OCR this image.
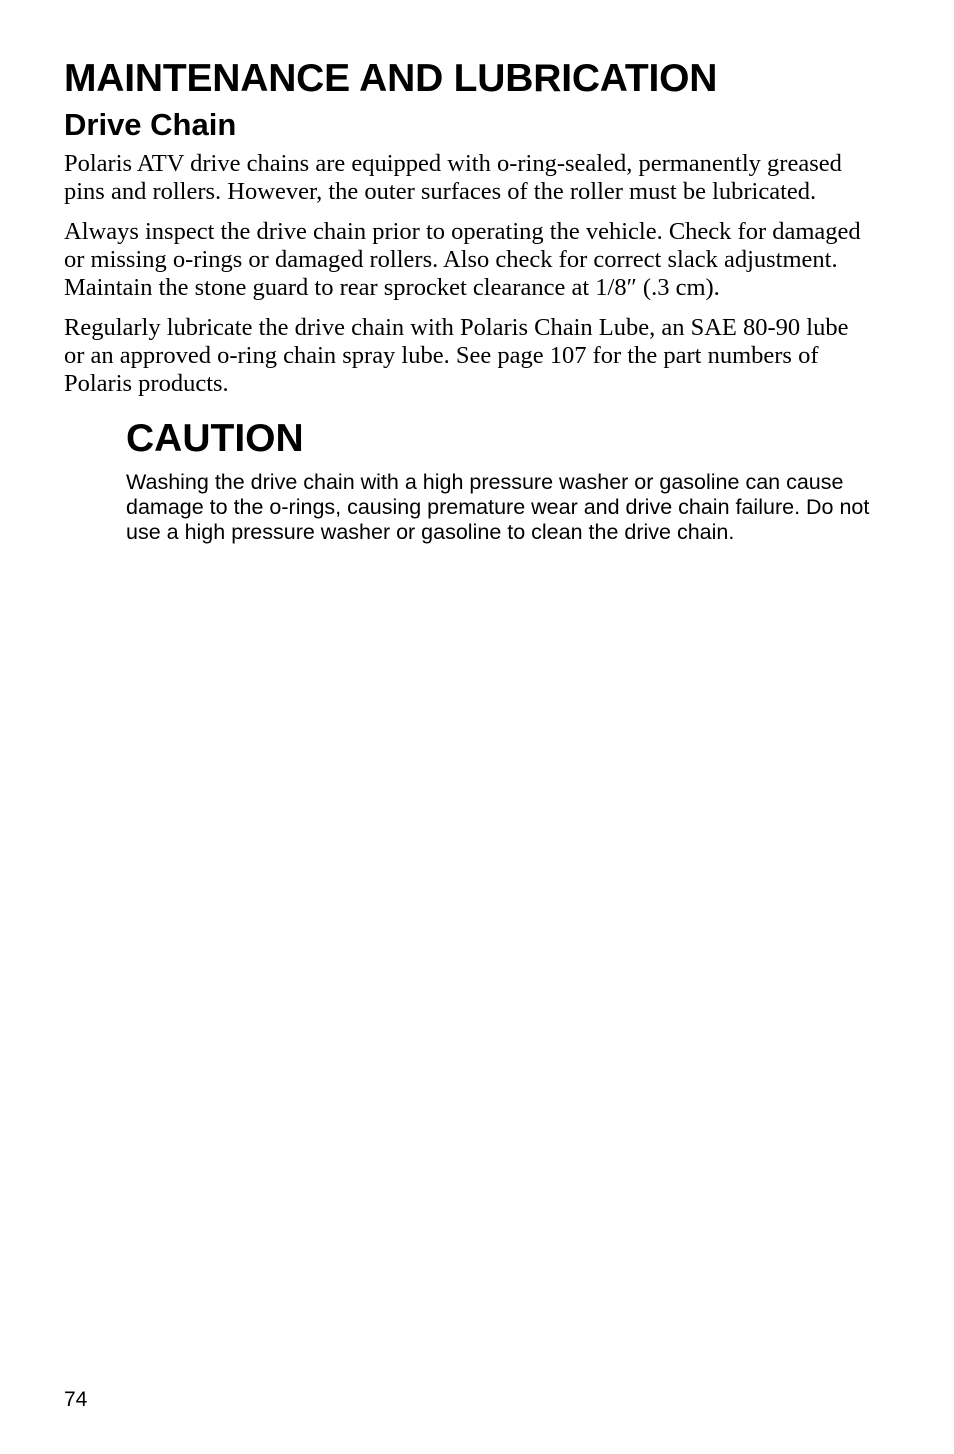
MAINTENANCE AND LUBRICATION
Drive Chain

Polaris ATV drive chains are equipped with o-ring-sealed, permanently greased pins and rollers. However, the outer surfaces of the roller must be lubricated.

Always inspect the drive chain prior to operating the vehicle. Check for damaged or missing o-rings or damaged rollers. Also check for correct slack adjustment. Maintain the stone guard to rear sprocket clearance at 1/8″ (.3 cm).

Regularly lubricate the drive chain with Polaris Chain Lube, an SAE 80-90 lube or an approved o-ring chain spray lube. See page 107 for the part numbers of Polaris products.

CAUTION

Washing the drive chain with a high pressure washer or gasoline can cause damage to the o-rings, causing premature wear and drive chain failure. Do not use a high pressure washer or gasoline to clean the drive chain.

74
